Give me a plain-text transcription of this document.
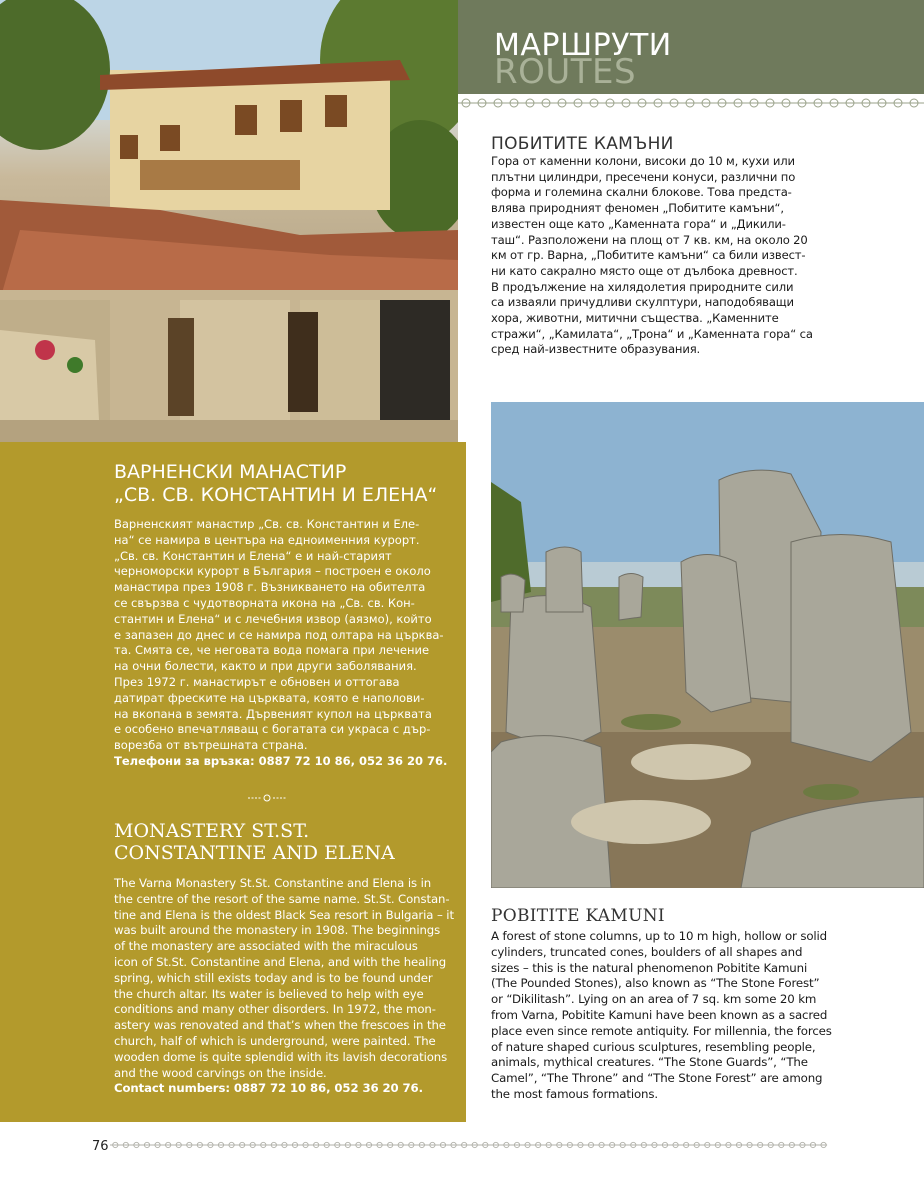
ВАРНЕНСКИ МАНАСТИР
„СВ. СВ. КОНСТАНТИН И ЕЛЕНА“
Варненският манастир „Св. св. Константин и Еле-
на“ се намира в центъра на едноименния курорт.
„Св. св. Константин и Елена“ е и най-старият
черноморски курорт в България – построен е около
манастира през 1908 г. Възникването на обителта
се свързва с чудотворната икона на „Св. св. Кон-
стантин и Елена“ и с лечебния извор (аязмо), който
е запазен до днес и се намира под олтара на църква-
та. Смята се, че неговата вода помага при лечение
на очни болести, както и при други заболявания.
През 1972 г. манастирът е обновен и оттогава
датират фреските на църквата, която е наполови-
на вкопана в земята. Дървеният купол на църквата
е особено впечатляващ с богатата си украса с дър-
ворезба от вътрешната страна.
Телефони за връзка: 0887 72 10 86, 052 36 20 76.
MONASTERY ST.ST.
CONSTANTINE AND ELENA
The Varna Monastery St.St. Constantine and Elena is in
the centre of the resort of the same name. St.St. Constan-
tine and Elena is the oldest Black Sea resort in Bulgaria – it
was built around the monastery in 1908. The beginnings
of the monastery are associated with the miraculous
icon of St.St. Constantine and Elena, and with the healing
spring, which still exists today and is to be found under
the church altar. Its water is believed to help with eye
conditions and many other disorders. In 1972, the mon-
astery was renovated and that’s when the frescoes in the
church, half of which is underground, were painted. The
wooden dome is quite splendid with its lavish decorations
and the wood carvings on the inside.
Contact numbers: 0887 72 10 86, 052 36 20 76.
МАРШРУТИ
ROUTES
ПОБИТИТЕ КАМЪНИ
Гора от каменни колони, високи до 10 м, кухи или
плътни цилиндри, пресечени конуси, различни по
форма и големина скални блокове. Това предста-
влява природният феномен „Побитите камъни“,
известен още като „Каменната гора“ и „Дикили-
таш“. Разположени на площ от 7 кв. км, на около 20
км от гр. Варна, „Побитите камъни“ са били извест-
ни като сакрално място още от дълбока древност.
В продължение на хилядолетия природните сили
са изваяли причудливи скулптури, наподобяващи
хора, животни, митични същества. „Каменните
стражи“, „Камилата“, „Трона“ и „Каменната гора“ са
сред най-известните образувания.
POBITITE KAMUNI
A forest of stone columns, up to 10 m high, hollow or solid
cylinders, truncated cones, boulders of all shapes and
sizes – this is the natural phenomenon Pobitite Kamuni
(The Pounded Stones), also known as “The Stone Forest”
or “Dikilitash”. Lying on an area of 7 sq. km some 20 km
from Varna, Pobitite Kamuni have been known as a sacred
place even since remote antiquity. For millennia, the forces
of nature shaped curious sculptures, resembling people,
animals, mythical creatures. “The Stone Guards”, “The
Camel”, “The Throne” and “The Stone Forest” are among
the most famous formations.
76
